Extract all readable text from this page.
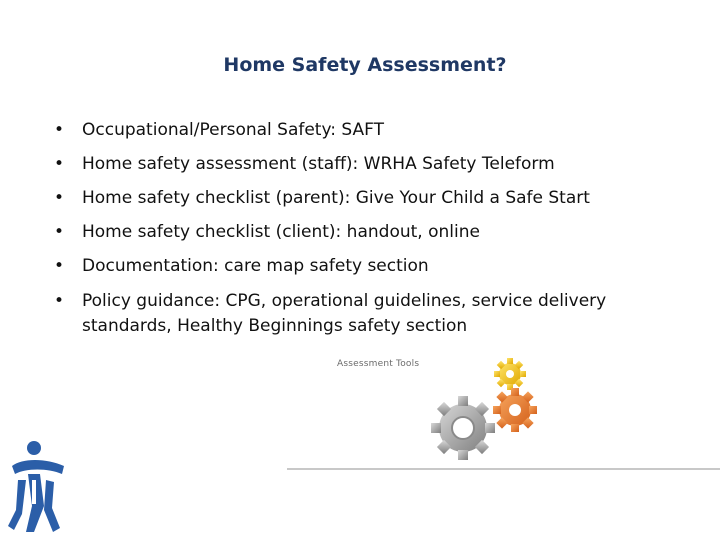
Home Safety Assessment?
• Occupational/Personal Safety: SAFT
• Home safety assessment (staff): WRHA Safety Teleform
• Home safety checklist (parent): Give Your Child a Safe Start
• Home safety checklist (client): handout, online
• Documentation: care map safety section
• Policy guidance: CPG, operational guidelines, service delivery standards, Healthy Beginnings safety section
Assessment Tools
